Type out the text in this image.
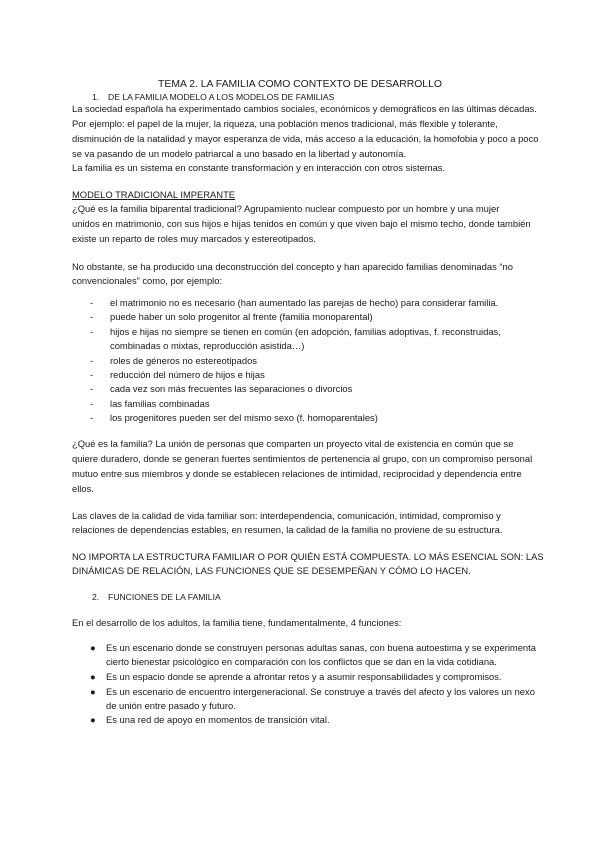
TEMA 2. LA FAMILIA COMO CONTEXTO DE DESARROLLO
1. DE LA FAMILIA MODELO A LOS MODELOS DE FAMILIAS
La sociedad española ha experimentado cambios sociales, económicos y demográficos en las últimas décadas.
Por ejemplo: el papel de la mujer, la riqueza, una población menos tradicional, más flexible y tolerante,
disminución de la natalidad y mayor esperanza de vida, más acceso a la educación, la homofobia y poco a poco
se va pasando de un modelo patriarcal a uno basado en la libertad y autonomía.
La familia es un sistema en constante transformación y en interacción con otros sistemas.
MODELO TRADICIONAL IMPERANTE
¿Qué es la familia biparental tradicional? Agrupamiento nuclear compuesto por un hombre y una mujer
unidos en matrimonio, con sus hijos e hijas tenidos en común y que viven bajo el mismo techo, donde también
existe un reparto de roles muy marcados y estereotipados.
No obstante, se ha producido una deconstrucción del concepto y han aparecido familias denominadas “no
convencionales” como, por ejemplo:
- el matrimonio no es necesario (han aumentado las parejas de hecho) para considerar familia.
- puede haber un solo progenitor al frente (familia monoparental)
- hijos e hijas no siempre se tienen en común (en adopción, familias adoptivas, f. reconstruidas,
combinadas o mixtas, reproducción asistida…)
- roles de géneros no estereotipados
- reducción del número de hijos e hijas
- cada vez son más frecuentes las separaciones o divorcios
- las familias combinadas
- los progenitores pueden ser del mismo sexo (f. homoparentales)
¿Qué es la familia? La unión de personas que comparten un proyecto vital de existencia en común que se
quiere duradero, donde se generan fuertes sentimientos de pertenencia al grupo, con un compromiso personal
mutuo entre sus miembros y donde se establecen relaciones de intimidad, reciprocidad y dependencia entre
ellos.
Las claves de la calidad de vida familiar son: interdependencia, comunicación, intimidad, compromiso y
relaciones de dependencias estables, en resumen, la calidad de la familia no proviene de su estructura.
NO IMPORTA LA ESTRUCTURA FAMILIAR O POR QUIÉN ESTÁ COMPUESTA. LO MÁS ESENCIAL SON: LAS
DINÁMICAS DE RELACIÓN, LAS FUNCIONES QUE SE DESEMPEÑAN Y CÓMO LO HACEN.
2. FUNCIONES DE LA FAMILIA
En el desarrollo de los adultos, la familia tiene, fundamentalmente, 4 funciones:
● Es un escenario donde se construyen personas adultas sanas, con buena autoestima y se experimenta
cierto bienestar psicológico en comparación con los conflictos que se dan en la vida cotidiana.
● Es un espacio donde se aprende a afrontar retos y a asumir responsabilidades y compromisos.
● Es un escenario de encuentro intergeneracional. Se construye a través del afecto y los valores un nexo
de unión entre pasado y futuro.
● Es una red de apoyo en momentos de transición vital.
